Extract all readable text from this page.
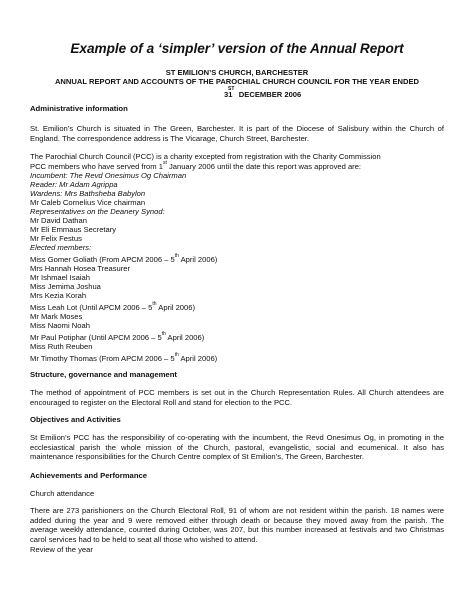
Example of a ‘simpler’ version of the Annual Report
ST EMILION’S CHURCH, BARCHESTER
ANNUAL REPORT AND ACCOUNTS OF THE PAROCHIAL CHURCH COUNCIL FOR THE YEAR ENDED
ST
31 DECEMBER 2006
Administrative information
St. Emilion’s Church is situated in The Green, Barchester. It is part of the Diocese of Salisbury within the Church of England. The correspondence address is The Vicarage, Church Street, Barchester.
The Parochial Church Council (PCC) is a charity excepted from registration with the Charity Commission
PCC members who have served from 1st January 2006 until the date this report was approved are:
Incumbent: The Revd Onesimus Og Chairman
Reader: Mr Adam Agrippa
Wardens: Mrs Bathsheba Babylon
Mr Caleb Cornelius Vice chairman
Representatives on the Deanery Synod:
Mr David Dathan
Mr Eli Emmaus Secretary
Mr Felix Festus
Elected members:
Miss Gomer Goliath (From APCM 2006 – 5th April 2006)
Mrs Hannah Hosea Treasurer
Mr Ishmael Isaiah
Miss Jemima Joshua
Mrs Kezia Korah
Miss Leah Lot (Until APCM 2006 – 5th April 2006)
Mr Mark Moses
Miss Naomi Noah
Mr Paul Potiphar (Until APCM 2006 – 5th April 2006)
Miss Ruth Reuben
Mr Timothy Thomas (From APCM 2006 – 5th April 2006)
Structure, governance and management
The method of appointment of PCC members is set out in the Church Representation Rules. All Church attendees are encouraged to register on the Electoral Roll and stand for election to the PCC.
Objectives and Activities
St Emilion’s PCC has the responsibility of co-operating with the incumbent, the Revd Onesimus Og, in promoting in the ecclesiastical parish the whole mission of the Church, pastoral, evangelistic, social and ecumenical. It also has maintenance responsibilities for the Church Centre complex of St Emilion’s, The Green, Barchester.
Achievements and Performance
Church attendance
There are 273 parishioners on the Church Electoral Roll, 91 of whom are not resident within the parish. 18 names were added during the year and 9 were removed either through death or because they moved away from the parish. The average weekly attendance, counted during October, was 207, but this number increased at festivals and two Christmas carol services had to be held to seat all those who wished to attend.
Review of the year
